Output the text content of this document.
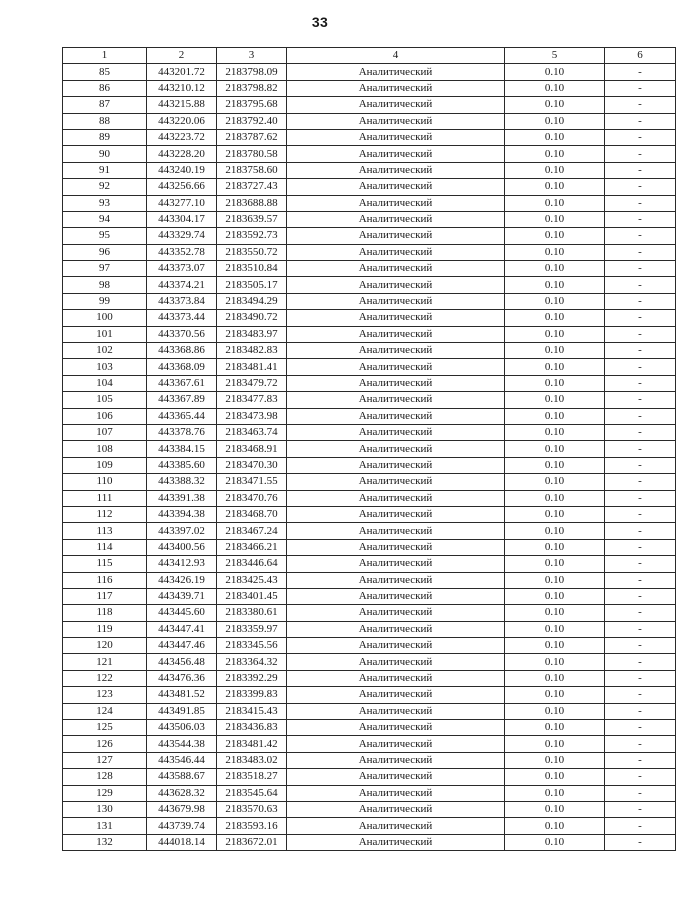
33
1	2	3	4	5	6
85	443201.72	2183798.09	Аналитический	0.10	-
86	443210.12	2183798.82	Аналитический	0.10	-
87	443215.88	2183795.68	Аналитический	0.10	-
88	443220.06	2183792.40	Аналитический	0.10	-
89	443223.72	2183787.62	Аналитический	0.10	-
90	443228.20	2183780.58	Аналитический	0.10	-
91	443240.19	2183758.60	Аналитический	0.10	-
92	443256.66	2183727.43	Аналитический	0.10	-
93	443277.10	2183688.88	Аналитический	0.10	-
94	443304.17	2183639.57	Аналитический	0.10	-
95	443329.74	2183592.73	Аналитический	0.10	-
96	443352.78	2183550.72	Аналитический	0.10	-
97	443373.07	2183510.84	Аналитический	0.10	-
98	443374.21	2183505.17	Аналитический	0.10	-
99	443373.84	2183494.29	Аналитический	0.10	-
100	443373.44	2183490.72	Аналитический	0.10	-
101	443370.56	2183483.97	Аналитический	0.10	-
102	443368.86	2183482.83	Аналитический	0.10	-
103	443368.09	2183481.41	Аналитический	0.10	-
104	443367.61	2183479.72	Аналитический	0.10	-
105	443367.89	2183477.83	Аналитический	0.10	-
106	443365.44	2183473.98	Аналитический	0.10	-
107	443378.76	2183463.74	Аналитический	0.10	-
108	443384.15	2183468.91	Аналитический	0.10	-
109	443385.60	2183470.30	Аналитический	0.10	-
110	443388.32	2183471.55	Аналитический	0.10	-
111	443391.38	2183470.76	Аналитический	0.10	-
112	443394.38	2183468.70	Аналитический	0.10	-
113	443397.02	2183467.24	Аналитический	0.10	-
114	443400.56	2183466.21	Аналитический	0.10	-
115	443412.93	2183446.64	Аналитический	0.10	-
116	443426.19	2183425.43	Аналитический	0.10	-
117	443439.71	2183401.45	Аналитический	0.10	-
118	443445.60	2183380.61	Аналитический	0.10	-
119	443447.41	2183359.97	Аналитический	0.10	-
120	443447.46	2183345.56	Аналитический	0.10	-
121	443456.48	2183364.32	Аналитический	0.10	-
122	443476.36	2183392.29	Аналитический	0.10	-
123	443481.52	2183399.83	Аналитический	0.10	-
124	443491.85	2183415.43	Аналитический	0.10	-
125	443506.03	2183436.83	Аналитический	0.10	-
126	443544.38	2183481.42	Аналитический	0.10	-
127	443546.44	2183483.02	Аналитический	0.10	-
128	443588.67	2183518.27	Аналитический	0.10	-
129	443628.32	2183545.64	Аналитический	0.10	-
130	443679.98	2183570.63	Аналитический	0.10	-
131	443739.74	2183593.16	Аналитический	0.10	-
132	444018.14	2183672.01	Аналитический	0.10	-
